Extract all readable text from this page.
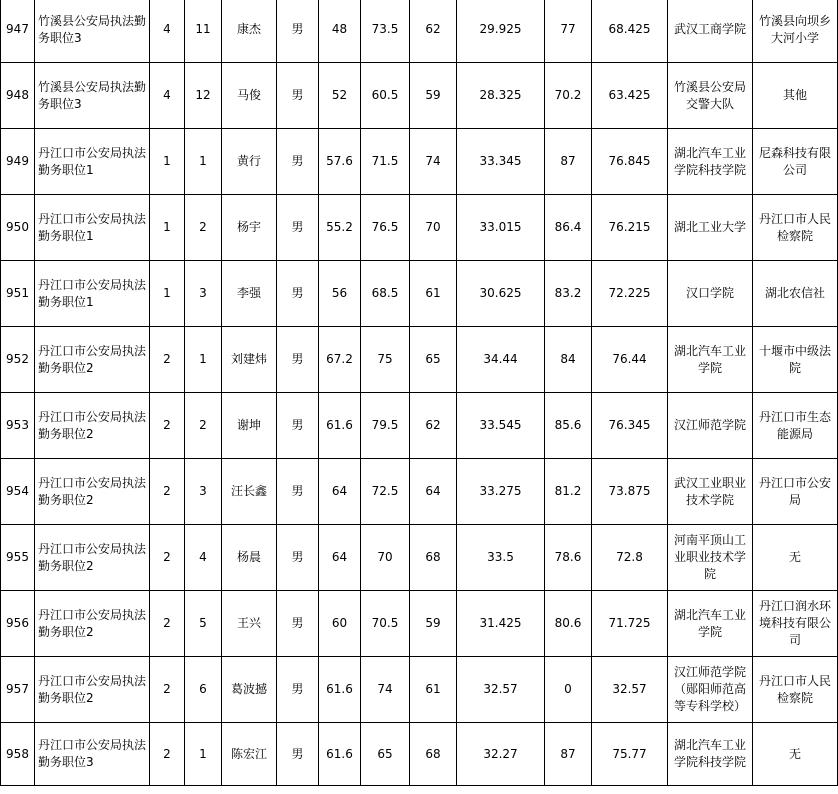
947	竹溪县公安局执法勤务职位3	4	11	康杰	男	48	73.5	62	29.925	77	68.425	武汉工商学院	竹溪县向坝乡大河小学
948	竹溪县公安局执法勤务职位3	4	12	马俊	男	52	60.5	59	28.325	70.2	63.425	竹溪县公安局交警大队	其他
949	丹江口市公安局执法勤务职位1	1	1	黄行	男	57.6	71.5	74	33.345	87	76.845	湖北汽车工业学院科技学院	尼森科技有限公司
950	丹江口市公安局执法勤务职位1	1	2	杨宇	男	55.2	76.5	70	33.015	86.4	76.215	湖北工业大学	丹江口市人民检察院
951	丹江口市公安局执法勤务职位1	1	3	李强	男	56	68.5	61	30.625	83.2	72.225	汉口学院	湖北农信社
952	丹江口市公安局执法勤务职位2	2	1	刘建炜	男	67.2	75	65	34.44	84	76.44	湖北汽车工业学院	十堰市中级法院
953	丹江口市公安局执法勤务职位2	2	2	谢坤	男	61.6	79.5	62	33.545	85.6	76.345	汉江师范学院	丹江口市生态能源局
954	丹江口市公安局执法勤务职位2	2	3	汪长鑫	男	64	72.5	64	33.275	81.2	73.875	武汉工业职业技术学院	丹江口市公安局
955	丹江口市公安局执法勤务职位2	2	4	杨晨	男	64	70	68	33.5	78.6	72.8	河南平顶山工业职业技术学院	无
956	丹江口市公安局执法勤务职位2	2	5	王兴	男	60	70.5	59	31.425	80.6	71.725	湖北汽车工业学院	丹江口润水环境科技有限公司
957	丹江口市公安局执法勤务职位2	2	6	葛波撼	男	61.6	74	61	32.57	0	32.57	汉江师范学院（郧阳师范高等专科学校）	丹江口市人民检察院
958	丹江口市公安局执法勤务职位3	2	1	陈宏江	男	61.6	65	68	32.27	87	75.77	湖北汽车工业学院科技学院	无
